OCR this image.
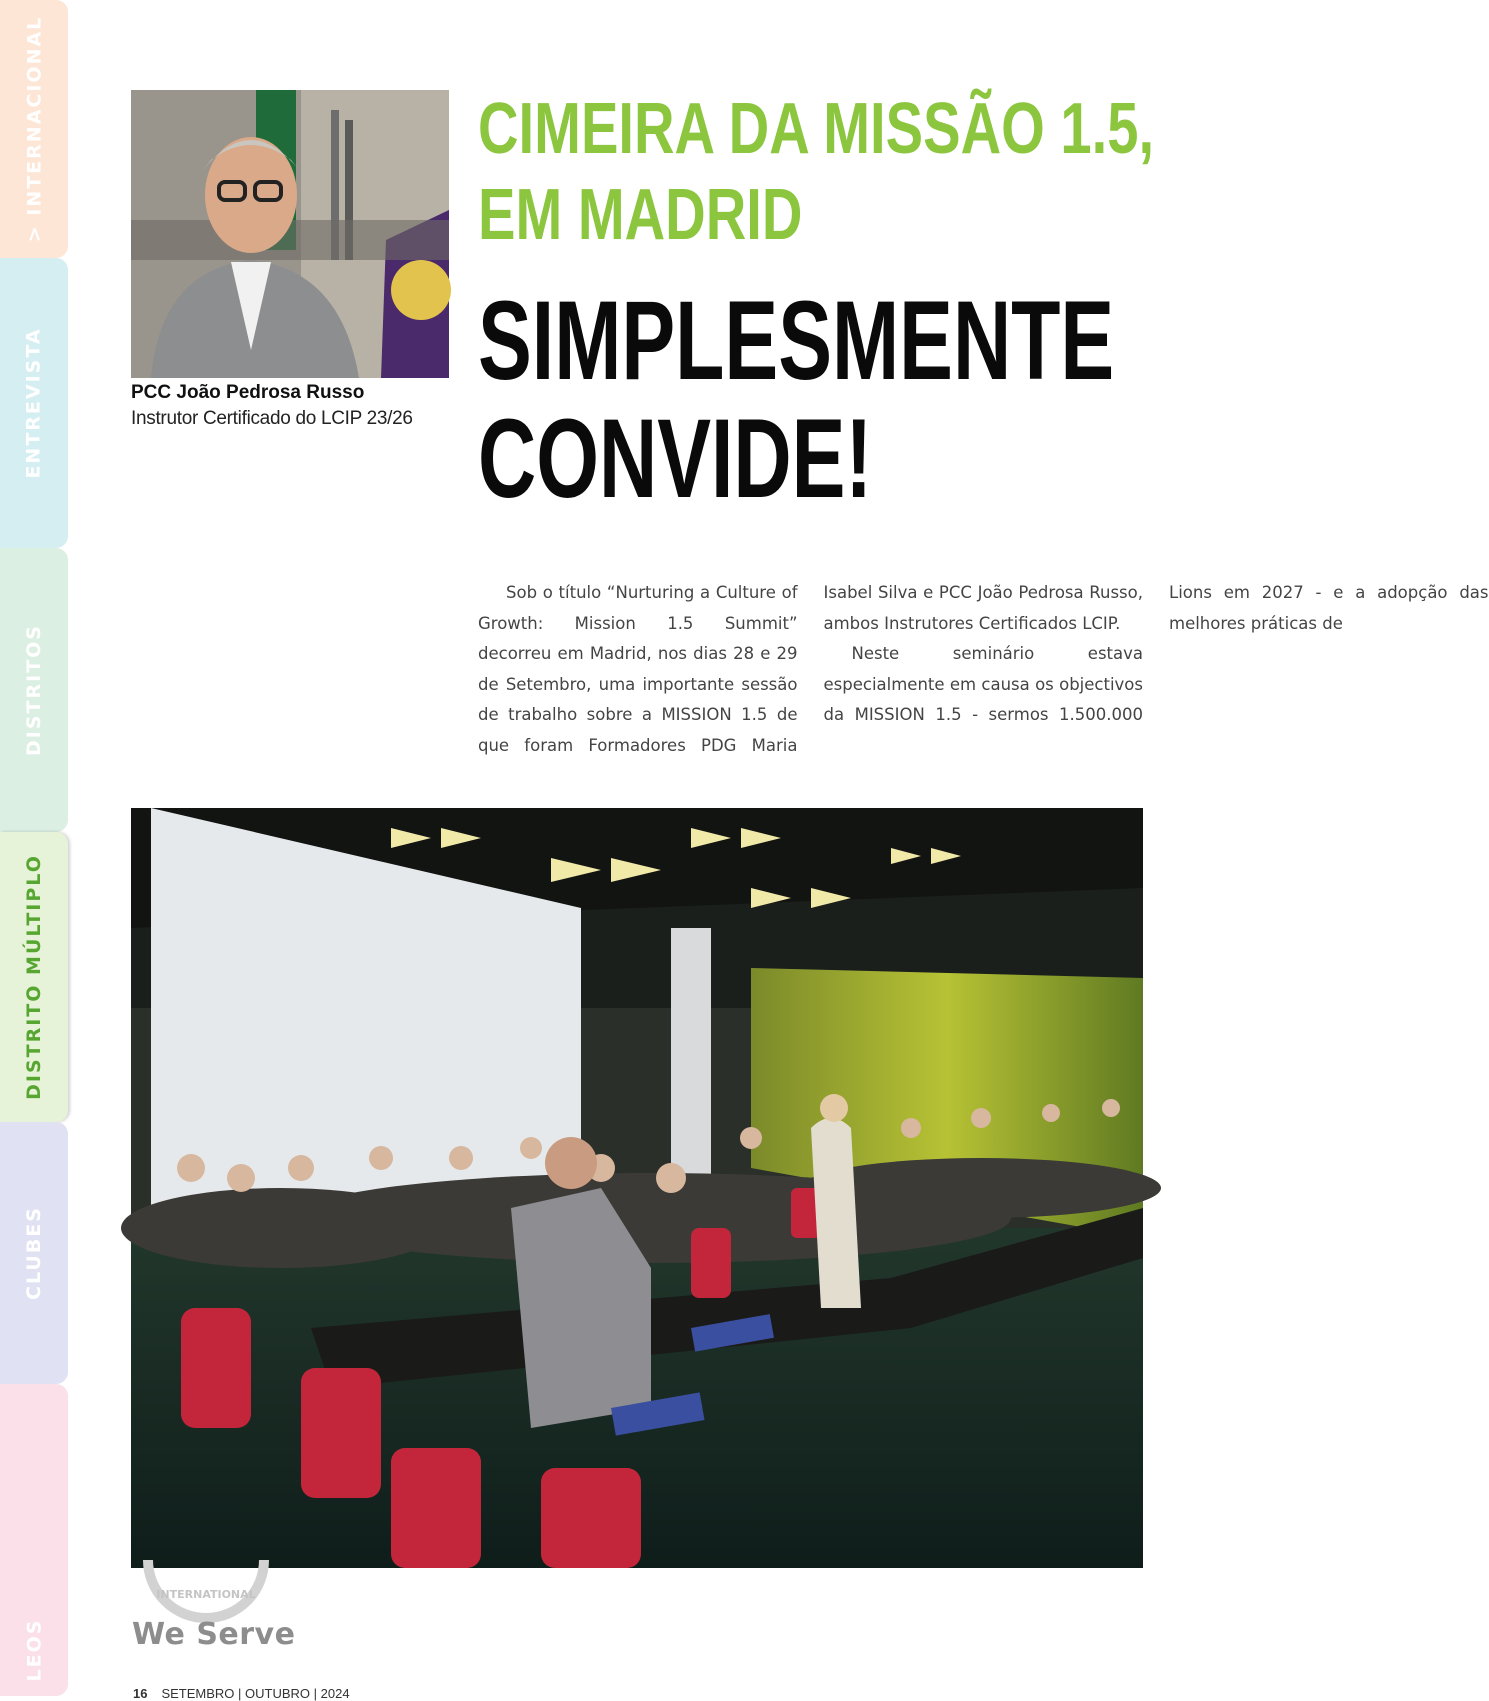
> INTERNACIONAL
ENTREVISTA
DISTRITOS
DISTRITO MÚLTIPLO
CLUBES
LEOS
PCC João Pedrosa Russo
Instrutor Certificado do LCIP 23/26
CIMEIRA DA MISSÃO 1.5,
EM MADRID
SIMPLESMENTE
CONVIDE!

Sob o título “Nurturing a Culture of Growth: Mission 1.5 Summit” decorreu em Madrid, nos dias 28 e 29 de Setembro, uma importante sessão de trabalho sobre a MISSION 1.5 de que foram Formadores PDG Maria Isabel Silva e PCC João Pedrosa Russo, ambos Instrutores Certificados LCIP.

Neste seminário estava especialmente em causa os objectivos da MISSION 1.5 - sermos 1.500.000 Lions em 2027 - e a adopção das melhores práticas de

INTERNATIONAL
We Serve
16 SETEMBRO | OUTUBRO | 2024
